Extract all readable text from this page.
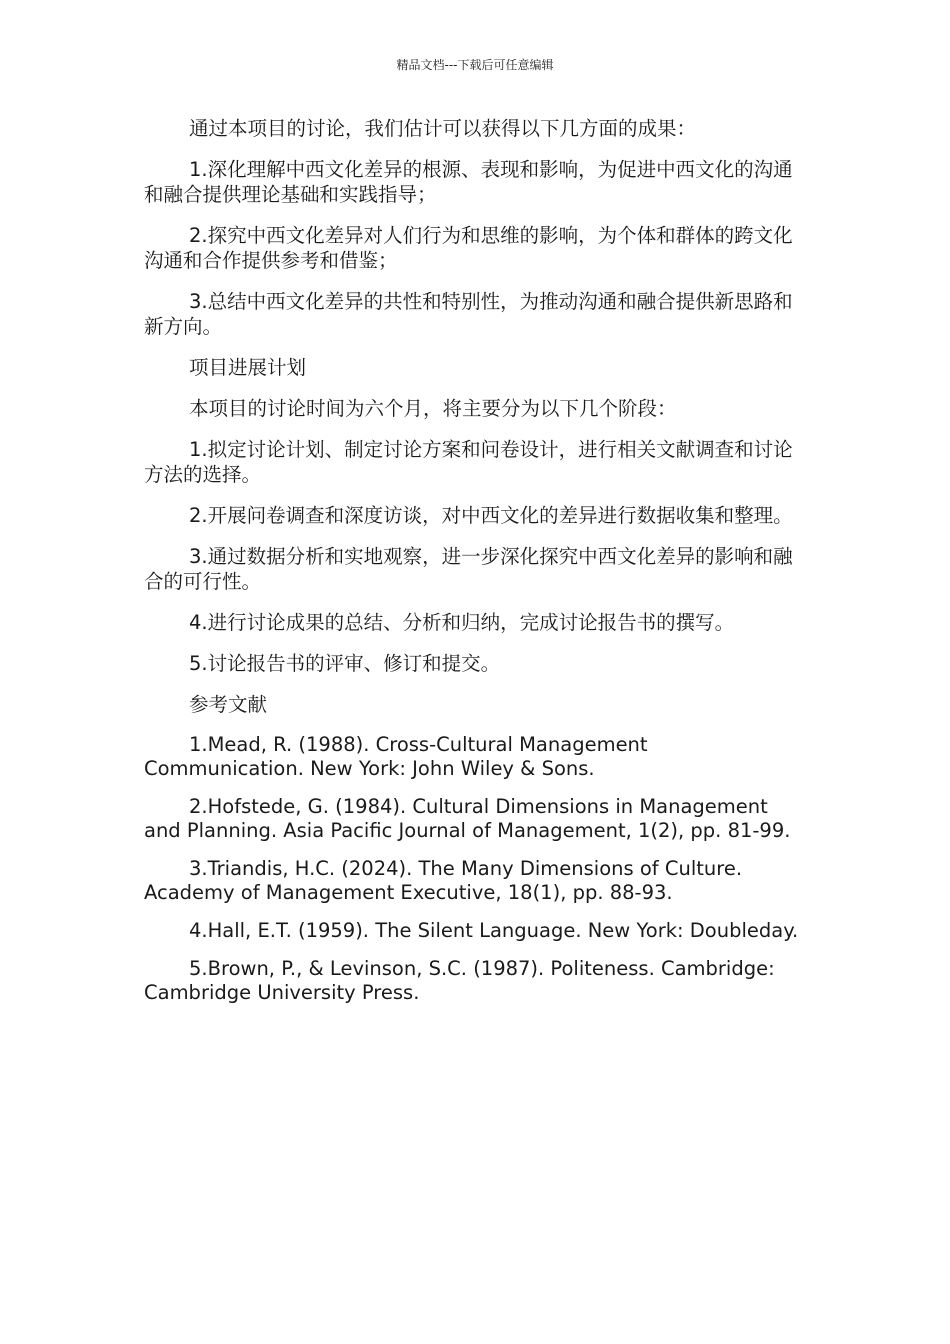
精品文档---下载后可任意编辑

通过本项目的讨论，我们估计可以获得以下几方面的成果：

1.深化理解中西文化差异的根源、表现和影响，为促进中西文化的沟通和融合提供理论基础和实践指导；

2.探究中西文化差异对人们行为和思维的影响，为个体和群体的跨文化沟通和合作提供参考和借鉴；

3.总结中西文化差异的共性和特别性，为推动沟通和融合提供新思路和新方向。

项目进展计划

本项目的讨论时间为六个月，将主要分为以下几个阶段：

1.拟定讨论计划、制定讨论方案和问卷设计，进行相关文献调查和讨论方法的选择。

2.开展问卷调查和深度访谈，对中西文化的差异进行数据收集和整理。

3.通过数据分析和实地观察，进一步深化探究中西文化差异的影响和融合的可行性。

4.进行讨论成果的总结、分析和归纳，完成讨论报告书的撰写。

5.讨论报告书的评审、修订和提交。

参考文献

1.Mead, R. (1988). Cross-Cultural Management Communication. New York: John Wiley & Sons.

2.Hofstede, G. (1984). Cultural Dimensions in Management and Planning. Asia Pacific Journal of Management, 1(2), pp. 81-99.

3.Triandis, H.C. (2024). The Many Dimensions of Culture. Academy of Management Executive, 18(1), pp. 88-93.

4.Hall, E.T. (1959). The Silent Language. New York: Doubleday.

5.Brown, P., & Levinson, S.C. (1987). Politeness. Cambridge: Cambridge University Press.
